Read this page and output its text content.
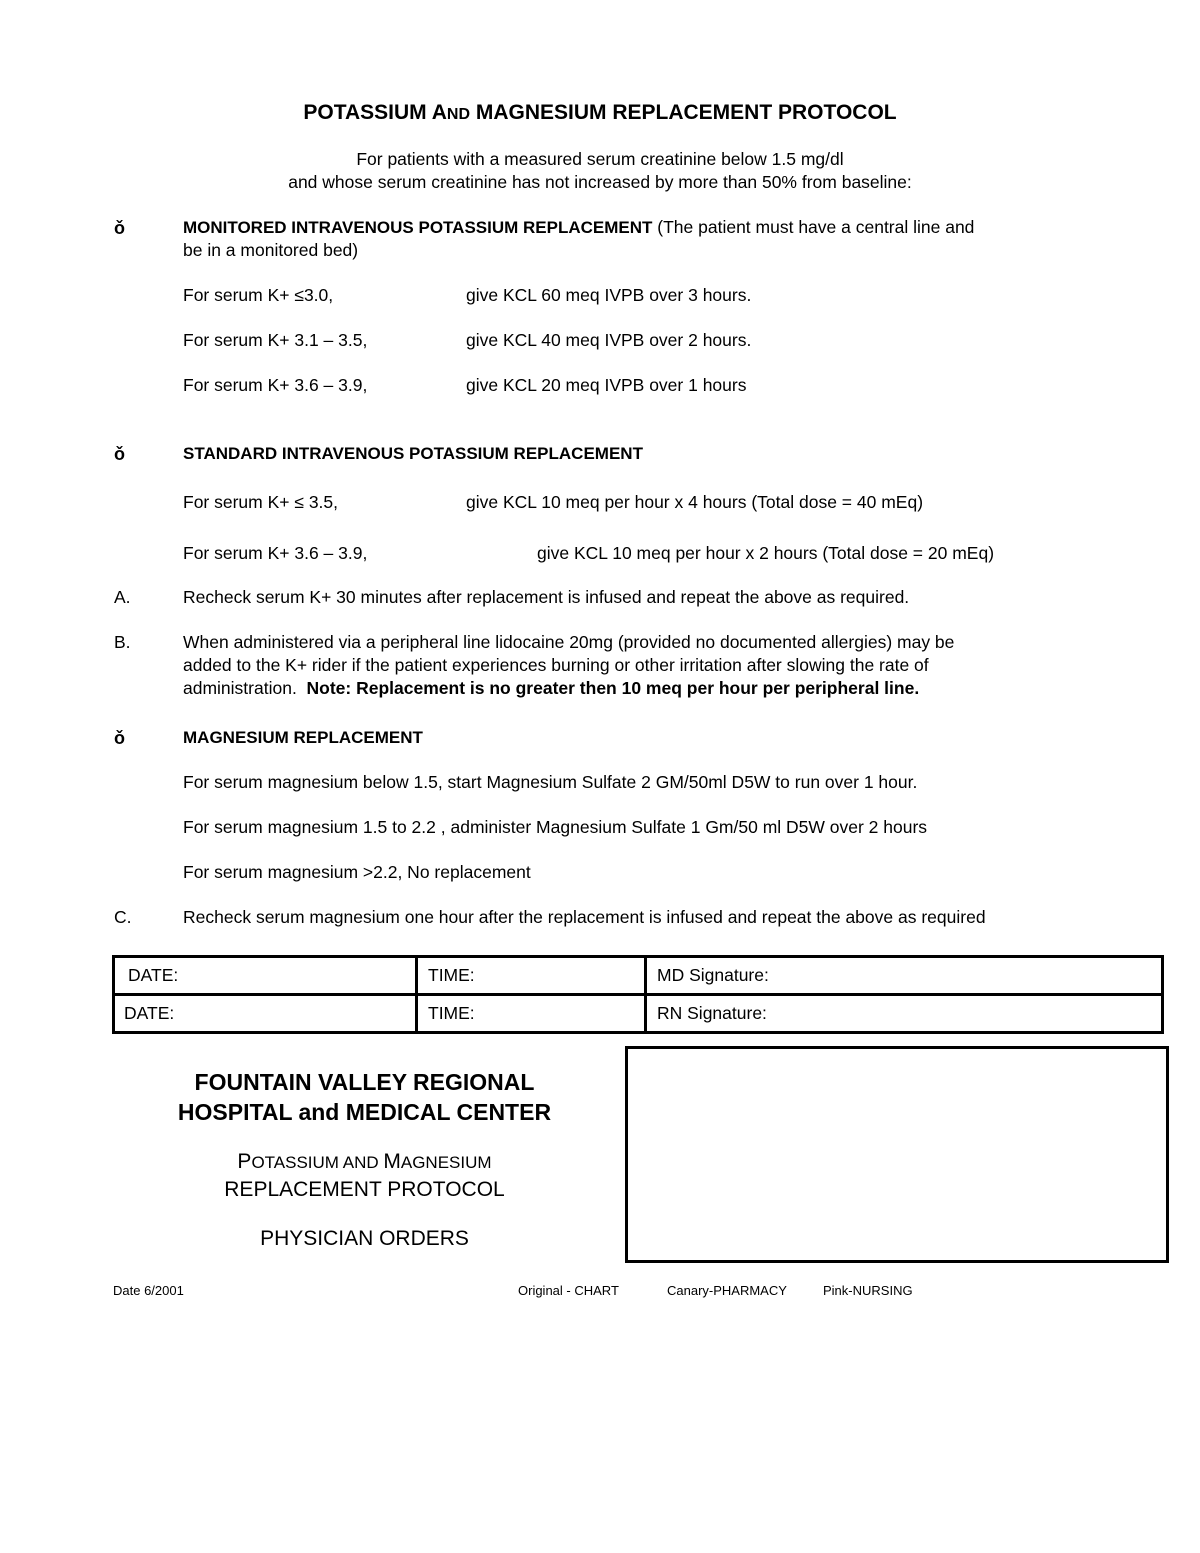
POTASSIUM AND MAGNESIUM REPLACEMENT PROTOCOL
For patients with a measured serum creatinine below 1.5 mg/dl
and whose serum creatinine has not increased by more than 50% from baseline:
ǒ	MONITORED INTRAVENOUS POTASSIUM REPLACEMENT (The patient must have a central line and
be in a monitored bed)
For serum K+ ≤3.0,	give KCL 60 meq IVPB over 3 hours.
For serum K+ 3.1 – 3.5,	give KCL 40 meq IVPB over 2 hours.
For serum K+ 3.6 – 3.9,	give KCL 20 meq IVPB over 1 hours
ǒ	STANDARD INTRAVENOUS POTASSIUM REPLACEMENT
For serum K+ ≤ 3.5,	give KCL 10 meq per hour x 4 hours (Total dose = 40 mEq)
For serum K+ 3.6 – 3.9,	give KCL 10 meq per hour x 2 hours (Total dose = 20 mEq)
A.	Recheck serum K+ 30 minutes after replacement is infused and repeat the above as required.
B.	When administered via a peripheral line lidocaine 20mg (provided no documented allergies) may be
added to the K+ rider if the patient experiences burning or other irritation after slowing the rate of
administration.  Note: Replacement is no greater then 10 meq per hour per peripheral line.
ǒ	MAGNESIUM REPLACEMENT
For serum magnesium below 1.5, start Magnesium Sulfate 2 GM/50ml D5W to run over 1 hour.
For serum magnesium 1.5 to 2.2 , administer Magnesium Sulfate 1 Gm/50 ml D5W over 2 hours
For serum magnesium >2.2, No replacement
C.	Recheck serum magnesium one hour after the replacement is infused and repeat the above as required
DATE:	TIME:	MD Signature:
DATE:	TIME:	RN Signature:
FOUNTAIN VALLEY REGIONAL
HOSPITAL and MEDICAL CENTER
POTASSIUM AND MAGNESIUM
REPLACEMENT PROTOCOL
PHYSICIAN ORDERS
Date 6/2001	Original - CHART	Canary-PHARMACY	Pink-NURSING
